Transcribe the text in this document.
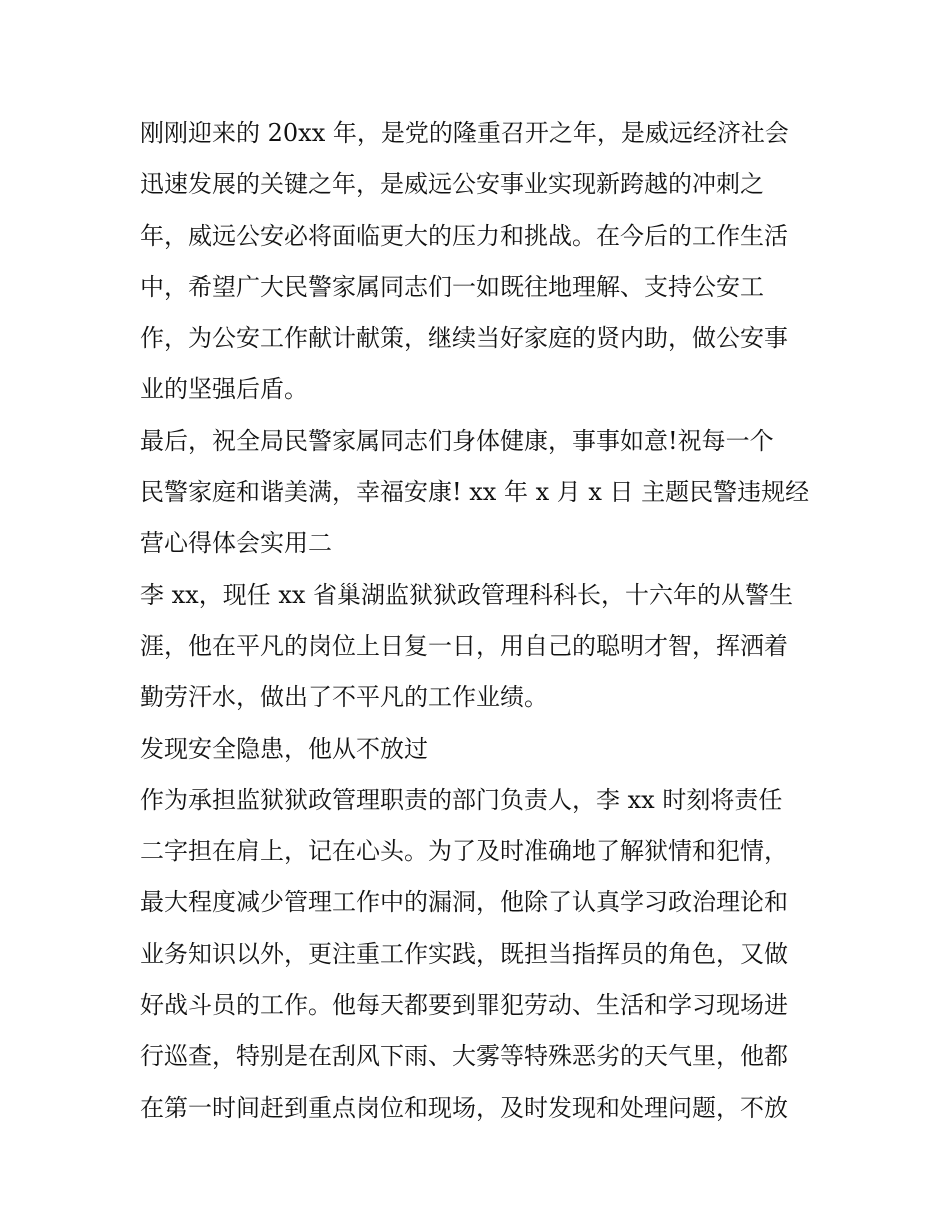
刚刚迎来的 20xx 年，是党的隆重召开之年，是威远经济社会
迅速发展的关键之年，是威远公安事业实现新跨越的冲刺之
年，威远公安必将面临更大的压力和挑战。在今后的工作生活
中，希望广大民警家属同志们一如既往地理解、支持公安工
作，为公安工作献计献策，继续当好家庭的贤内助，做公安事
业的坚强后盾。
最后，祝全局民警家属同志们身体健康，事事如意!祝每一个
民警家庭和谐美满，幸福安康! xx 年 x 月 x 日 主题民警违规经
营心得体会实用二
李 xx，现任 xx 省巢湖监狱狱政管理科科长，十六年的从警生
涯，他在平凡的岗位上日复一日，用自己的聪明才智，挥洒着
勤劳汗水，做出了不平凡的工作业绩。
发现安全隐患，他从不放过
作为承担监狱狱政管理职责的部门负责人，李 xx 时刻将责任
二字担在肩上，记在心头。为了及时准确地了解狱情和犯情，
最大程度减少管理工作中的漏洞，他除了认真学习政治理论和
业务知识以外，更注重工作实践，既担当指挥员的角色，又做
好战斗员的工作。他每天都要到罪犯劳动、生活和学习现场进
行巡查，特别是在刮风下雨、大雾等特殊恶劣的天气里，他都
在第一时间赶到重点岗位和现场，及时发现和处理问题，不放
